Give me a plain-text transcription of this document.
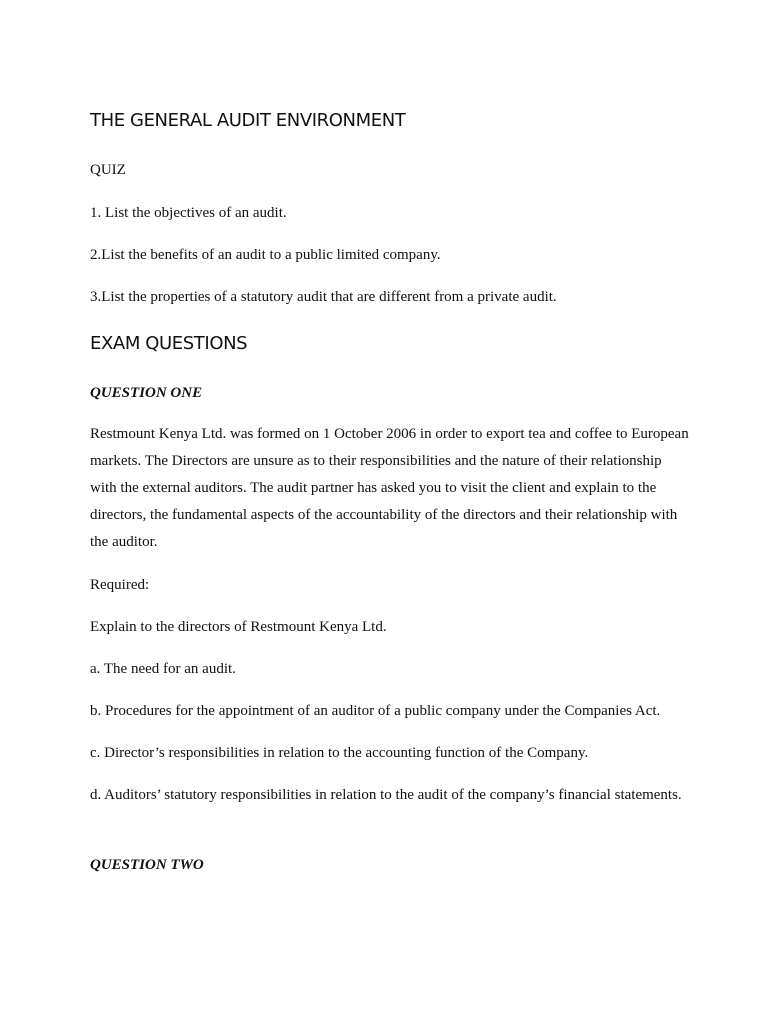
THE GENERAL AUDIT ENVIRONMENT

QUIZ

1. List the objectives of an audit.

2.List the benefits of an audit to a public limited company.

3.List the properties of a statutory audit that are different from a private audit.

EXAM QUESTIONS

QUESTION ONE

Restmount Kenya Ltd. was formed on 1 October 2006 in order to export tea and coffee to European markets. The Directors are unsure as to their responsibilities and the nature of their relationship with the external auditors. The audit partner has asked you to visit the client and explain to the directors, the fundamental aspects of the accountability of the directors and their relationship with the auditor.

Required:

Explain to the directors of Restmount Kenya Ltd.

a. The need for an audit.

b. Procedures for the appointment of an auditor of a public company under the Companies Act.

c. Director’s responsibilities in relation to the accounting function of the Company.

d. Auditors’ statutory responsibilities in relation to the audit of the company’s financial statements.

QUESTION TWO
